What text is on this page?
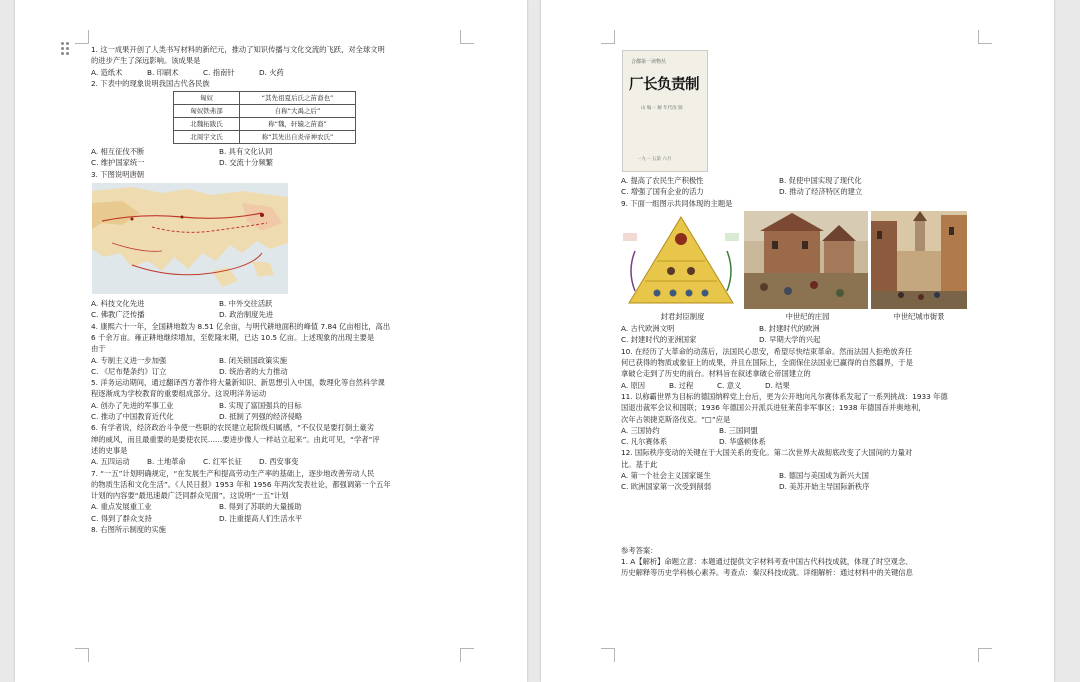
1. 这一成果开创了人类书写材料的新纪元，推动了知识传播与文化交流的飞跃，对全球文明
的进步产生了深远影响。该成果是
A. 造纸术	B. 印刷术	C. 指南针	D. 火药
2. 下表中的现象说明我国古代各民族
匈奴	“其先祖夏后氏之苗裔也”
匈奴铁弗部	自称“大禹之后”
北魏拓跋氏	称“魏，轩辕之苗裔”
北周宇文氏	称“其先出自炎帝神农氏”
A. 相互征伐不断	B. 具有文化认同
C. 维护国家统一	D. 交流十分频繁
3. 下图说明唐朝
A. 科技文化先进	B. 中外交往活跃
C. 佛教广泛传播	D. 政治制度先进
4. 康熙六十一年，全国耕地数为 8.51 亿余亩，与明代耕地面积的峰值 7.84 亿亩相比，高出
6 千余万亩。雍正耕地继续增加，至乾隆末期，已达 10.5 亿亩。上述现象的出现主要是
由于
A. 专制主义进一步加强	B. 闭关锁国政策实施
C. 《尼布楚条约》订立	D. 统治者的大力推动
5. 洋务运动期间，通过翻译西方著作将大量新知识、新思想引入中国，数理化等自然科学课
程逐渐成为学校教育的重要组成部分。这说明洋务运动
A. 创办了先进的军事工业	B. 实现了富国强兵的目标
C. 推动了中国教育近代化	D. 抵制了列强的经济侵略
6. 有学者说，经济政治斗争使一些职的农民建立起阶级归属感，“不仅仅是要打倒土豪劣
绅的威风，而且最重要的是要使农民……要进步像人一样站立起来”。由此可见，“学者”评
述的史事是
A. 五四运动 B. 土地革命 C. 红军长征 D. 西安事变
7. “一五”计划明确规定，“在发展生产和提高劳动生产率的基础上，逐步地改善劳动人民
的物质生活和文化生活”。《人民日报》1953 年和 1956 年两次发表社论，都强调第一个五年
计划的内容要“最迅速最广泛同群众见面”。这说明“一五”计划
A. 重点发展重工业	B. 得到了苏联的大量援助
C. 得到了群众支持	D. 注重提高人们生活水平
8. 右图所示制度的实施
合都第一读物丛
厂长负责制
山 编一 解 年代改 版
一九一 五第 六月
A. 提高了农民生产积极性	B. 促使中国实现了现代化
C. 增强了国有企业的活力	D. 推动了经济特区的建立
9. 下面一组图示共同体现的主题是
封君封臣制度	中世纪的庄园	中世纪城市街景
A. 古代欧洲文明	B. 封建时代的欧洲
C. 封建时代的亚洲国家	D. 早期大学的兴起
10. 在经历了大革命的动荡后，法国民心思安，希望尽快结束革命。然而法国人拒绝放弃任
何已获得的物质或象征上的成果，并且在国际上，全面保住法国业已赢得的自然疆界，于是
拿破仑走到了历史的前台。材料旨在叙述拿破仑帝国建立的
A. 原因	B. 过程	C. 意义	D. 结果
11. 以称霸世界为目标的德国纳粹党上台后，更为公开地向凡尔赛体系发起了一系列挑战：1933 年德
国退出裁军会议和国联；1936 年德国公开派兵进驻莱茵非军事区；1938 年德国吞并奥地利，
次年占领捷克斯洛伐克。“□”应是
A. 三国协约	B. 三国同盟
C. 凡尔赛体系	D. 华盛顿体系
12. 国际秩序变动的关键在于大国关系的变化。第二次世界大战彻底改变了大国间的力量对
比。基于此
A. 第一个社会主义国家诞生	B. 德国与美国成为新兴大国
C. 欧洲国家第一次受到削弱	D. 美苏开始主导国际新秩序
参考答案：
1. A【解析】命题立意：本题通过提供文字材料考查中国古代科技成就，体现了时空观念、
历史解释等历史学科核心素养。考查点：秦汉科技成就。详细解析：通过材料中的关键信息
